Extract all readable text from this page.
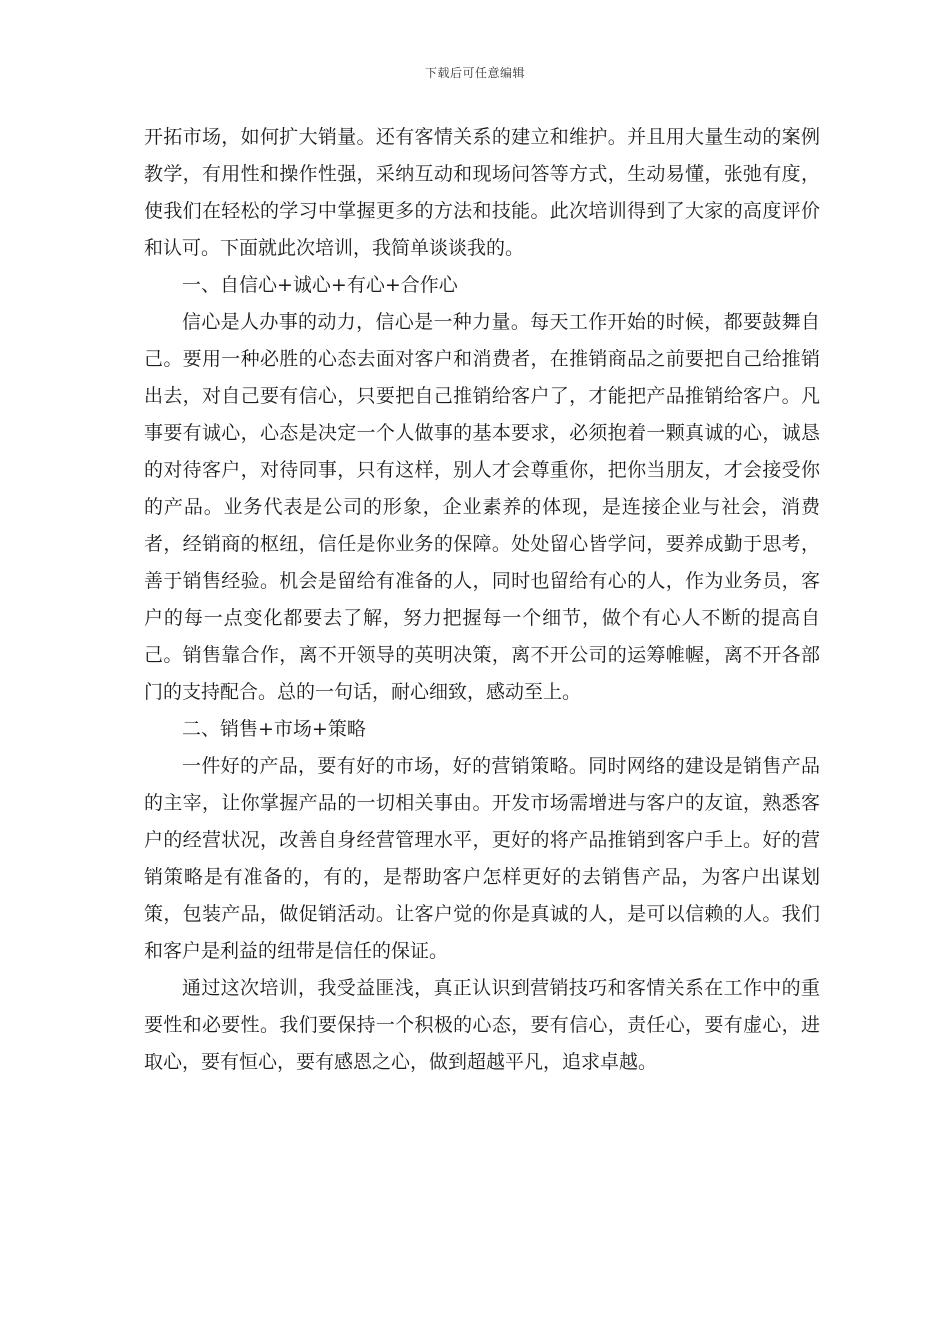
下载后可任意编辑

开拓市场，如何扩大销量。还有客情关系的建立和维护。并且用大量生动的案例教学，有用性和操作性强，采纳互动和现场问答等方式，生动易懂，张弛有度，使我们在轻松的学习中掌握更多的方法和技能。此次培训得到了大家的高度评价和认可。下面就此次培训，我简单谈谈我的。

一、自信心+诚心+有心+合作心

信心是人办事的动力，信心是一种力量。每天工作开始的时候，都要鼓舞自己。要用一种必胜的心态去面对客户和消费者，在推销商品之前要把自己给推销出去，对自己要有信心，只要把自己推销给客户了，才能把产品推销给客户。凡事要有诚心，心态是决定一个人做事的基本要求，必须抱着一颗真诚的心，诚恳的对待客户，对待同事，只有这样，别人才会尊重你，把你当朋友，才会接受你的产品。业务代表是公司的形象，企业素养的体现，是连接企业与社会，消费者，经销商的枢纽，信任是你业务的保障。处处留心皆学问，要养成勤于思考，善于销售经验。机会是留给有准备的人，同时也留给有心的人，作为业务员，客户的每一点变化都要去了解，努力把握每一个细节，做个有心人不断的提高自己。销售靠合作，离不开领导的英明决策，离不开公司的运筹帷幄，离不开各部门的支持配合。总的一句话，耐心细致，感动至上。

二、销售+市场+策略

一件好的产品，要有好的市场，好的营销策略。同时网络的建设是销售产品的主宰，让你掌握产品的一切相关事由。开发市场需增进与客户的友谊，熟悉客户的经营状况，改善自身经营管理水平，更好的将产品推销到客户手上。好的营销策略是有准备的，有的，是帮助客户怎样更好的去销售产品，为客户出谋划策，包装产品，做促销活动。让客户觉的你是真诚的人，是可以信赖的人。我们和客户是利益的纽带是信任的保证。

通过这次培训，我受益匪浅，真正认识到营销技巧和客情关系在工作中的重要性和必要性。我们要保持一个积极的心态，要有信心，责任心，要有虚心，进取心，要有恒心，要有感恩之心，做到超越平凡，追求卓越。
